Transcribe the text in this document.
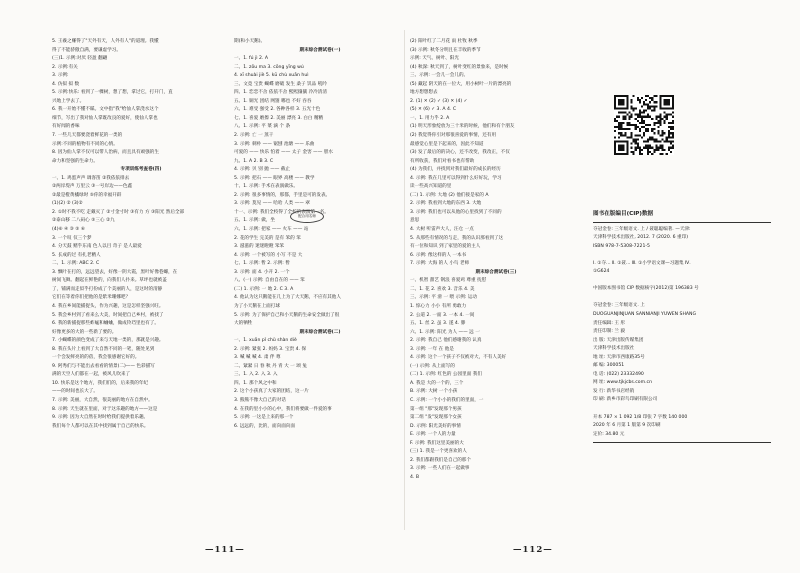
5. 王羲之赚得了"天外有天，人外有人"的道理。我懂
得了不能骄傲自满，要谦虚学习。
(三)1. 示例:对厌 轻盈 翻翩
2. 示例:有关
3. 示例:
4. 仿拟 拟 数
5. 示例:快乐: 看到了一棵树，想了想，拿过它，打开门，直
兴地上学去了。
6. 我一开始不懂不睬。文中指"我"给仙人掌浇水这个
细节，写出了我对仙人掌既改良的爱好，使仙人掌也
有好闻的香味
7. 一些几天都要浇着鲜花的一类的
示例:不同的植物有不同的心情。
8. 因为仙人掌不仅可以带人治病，而且具有顽强的生
命力和坚强的生命力。
专项训练考查卷(四)
一、1. 鸡蛋声声 调客笛 ②我依依排去
②两岸堤声 万里云 ③一号岸边——色鑫
②最是橙黄橘绿时 ⑤你的幸福开辟
(1)(2) ② (3)②
2. ①时不我不吃 走戴灭了 ②寸金寸时 ③有力 方 ③阳光 然后全部
②泰山移 二八码心 ⑤三心 ②九
(4)⑥ ④ ③ ⑤ ⑥
3. 一个叹 仅三个梦
4. 分天鼓 赌乎东南 色人以目 奇子 是人最爱
5. 长成的过 有扎老精人
二、1. 示例: ABC 2. C
3. 飘叶在打的，远远望去，好像一阴大霞，黑叶好像巷螺，在
树间飞舞。翻起在鲜艳的，向我们人扑来。草坪也就被盖
了，铺满而走似乎打扮成了个美丽的人，是这时的清静
它们在等着你们把他的是紫米珊娜吧？
4. 我在乡间能捕捉头，作为兴趣，这是怎样坚强兴旺。
5. 我会乡村到了看来么大美，时间把自己乡村，被找了
6. 我的新捕捉那些蚱蜢和蛐蛐，做成铃珰里也有了。
好像更多的大的一些新了要的。
7. 小蝴蝶的颜色变成了来与天地一类的，那就是兴趣。
8. 我在头片上看到了大自然不同的一笔，随处见到
一个会发鲜亮的的蓓，我会很感谢它好的。
9. 阿秀们与不能出去看看的情景(二)—— 色彩描写
满的天空人们都在一起，被风儿吹来了
10. 快乐是这个地方，我们们的，后来我的年纪
——的时间也长大了。
7. 示例: 美丽，大自然，很美丽的地方在自然中。
8. 示例: 天生就在里面，对于这乐趣的地方——这是
9. 示例: 因为大自然在时时给我们提供着乐趣。
我们每个人都可以在其中找到属于自己的快乐。
期(和小天鹅)。
期末综合测试卷(一)
一、1. fú jì 2. A
二、1. zōu ma 3. cōng yīng wú
4. xī shuài jiè 5. kū chù xuān huì
三、文竟 宝贵 蝴蝶 磨破 发生 桑子 饥品 吼吟
四、1. 恋恋不舍 依依不舍 熙熙攘攘 冷冷清清
五、1. 铜光 团结 网翅 哪也 不好 吞吞
六、1. 难受 强受 2. 各种各样 3. 五光十色
七、1. 喜爱 磨擦 2. 美丽 漂亮 3. 白白 精精
八、1. 示例: 平 菜 滴 个 条
2. 示例: 亡 一 蒸干
3. 示例: 刺朴 —— 锯刨 池塘 —— 乐曲
可爱的 —— 快乐 怕着 —— 太子 金害 —— 胆水
九、1. A 2. B 3. C
4. 示例: 贝 别 抛 —— 截止
5. 示例: 把石 —— 眼界 高楼 —— 教学
十、1. 示例: 手术在表演做乐。
2. 示例: 很多事情的，那都，手里是可的发表。
3. 示例: 莫见 —— 哈哈 人类 —— 翠
十一、示例: 我们全校得了全校的表演第一名。
五、1. 示例: 做，坐
六、1. 示例: 把家 —— 火车 —— 站
2. 花的学生 完美的 是有 笨的 笨
3. 滋滋的 迷迷瞪瞪 笨笨
4. 示例: 一个被写的 小写 不是 大
七、1. 示例: 暂 2. 示例: 暂
3. 示例: 面 4. 小开 2. 一个
八、(一) 示例: 自由自在的 —— 笨
(二) 1. 示例: 一 地 2. C 3. A
4. 他认为这只鹅能在几上为了大天鹅，不应有其他人
为了小天鹅在上面打球
5. 示例: 为了保护自己和小天鹅的生命安全做出了很
大的牺牲
期末综合测试卷(二)
一、1. xuān pǐ chǔ shàn diè
2. 示例: 紧张 2. 妈妈 3. 宝贵 4. 保
3. 喊 喊 喊 4. 肃 伴 尊
二、紧紧 日 春 秋 丹 青 大 一 颂 兔
三、1. 入 2. 入 3. 入
四、1. 那个风之中和
2. 这个小孩真了大家的团结，这一片
3. 熊熊不像大自己的对话
4. 在我的里小小的心中，我们将要做一件爱的事
5. 示例: 一这是上来的那一个
6. 远远的，比的，面向面向面
(2) 阳叶红了二月花 雨 杜牧 秋季
(3) 示例: 秋冬分明且在丰收的季节
示例: 天气、树叶、阳光
(4) 秋深: 秋天到了，树叶变红的景象来，是时候
三、示例: 一会儿一会儿的。
(5) 藏起 阴天的在一位大，用小树叶一片的漂亮的
地方想想想去
2. (1) ✕ (2) ✓ (3) ✕ (4) ✓
(5) ✕ (6) ✓ 3. A 4. C
一、1. 用力乎 2. A
(1) 明天形象绽放为三十米的时候，他们和有个朋友
(2) 我觉得你引对那很喜爱的事情，还有用
最感觉心里是下起来的，因此不知道
(3) 发了最后的的决心，还不改变，我改正，不仅
有所收获，我们对看书也有帮助
(4) 为我们，并找到对我们最好的成长的经历
4. 示例: 我在几里可以得到什么好好玩，学习
读一些高兴知道的里
(二) 1. 示例: 大地 (2) 他们接是家的 A
2. 示例: 我看到大地的东西 3. 大地
3. 示例: 我们也可以从他的心里找到了不同的
意思
4. 大树 听雷声大人，汪仓 一点
5. 从那些有情况的与走，我的认识那看到了这
有一位和知识 到了家里的爱的主人
6. 示例: 像这样的人 一本书
7. 示例: 大海 的人 小鸟 老师
期末综合测试卷(三)
一、机智 甜艺 钢浪 喜爱鸡 尊重 抚慰
二、1. 花 2. 喜欢 3. 音乐 4. 美
三、示例: 平 滑 一 喂 示例: 运动
1. 惊心力 小小 有所 勇敢力
2. 公道 2. 一面 3. 一本 4. 一间
五、1. 丝 2. 虽 3. 遂 4. 滕
六、1. 示例: 阳光 为人 —— 远 一
2. 示例: 我自己 他们感谢我的 认真
3. 示例: 一年 在 他是
4. 示例: 这个一个孩子不仅被对大，不有人美好
(一) 示例: 从上面写的
(二) 1. 示例: 红色的 公园里面 我们
A. 我是 大的一个的，三个
B. 示例: 大树 一个小孩
C. 示例: 一个小小的我们的里面，一
第一组 "那"发现那个男孩
第二组 "发"发现那个女孩
D. 示例: 阳光美好的事情
E. 示例: 一个人的力量
F. 示例: 我们这里美丽的大
(三) 1. 我是一个更喜欢的人
2. 我们都跟我们是自己的那个
3. 示例: 一些人们在一起做事
4. B
配合用名师	图书在版编目(CIP)数据
夺冠金卷: 三年级语文. 上 / 聂聪聪编著. —天津:
天津科学技术出版社, 2012. 7 (2020. 6 重印)
ISBN 978-7-5308-7221-5

Ⅰ. ①夺… Ⅱ. ①聂… Ⅲ. ①小学语文课—习题集 Ⅳ.
①G624

中国版本图书馆 CIP 数据核字(2012)第 196383 号

夺冠金卷: 三年级语文. 上
DUOGUANJINJUAN SANNIANJI YUWEN SHANG
责任编辑: 王 彤
责任印制: 兰 毅
出 版: 天津出版传媒集团
天津科学技术出版社
地 址: 天津市西康路35号
邮 编: 300051
电 话: (022) 23332490
网 址: www.tjkjcbs.com.cn
发 行: 新华书店经销
印 刷: 新乡市彩鸟印刷有限公司

开本 787 × 1 092 1/8 印张 7 字数 140 000
2020 年 6 月第 1 版第 9 次印刷
定价: 34.80 元
—111—	—112—
